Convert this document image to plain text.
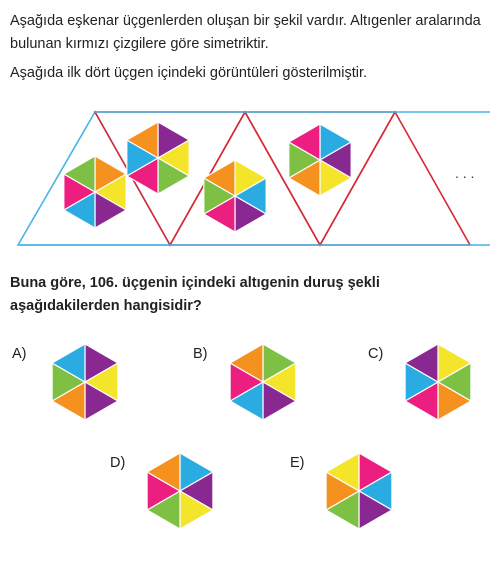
Aşağıda eşkenar üçgenlerden oluşan bir şekil vardır. Altıgenler aralarında bulunan kırmızı çizgilere göre simetriktir.

Aşağıda ilk dört üçgen içindeki görüntüleri gösterilmiştir.

. . .
Buna göre, 106. üçgenin içindeki altıgenin duruş şekli aşağıdakilerden hangisidir?
A)	B)	C)
D)	E)
